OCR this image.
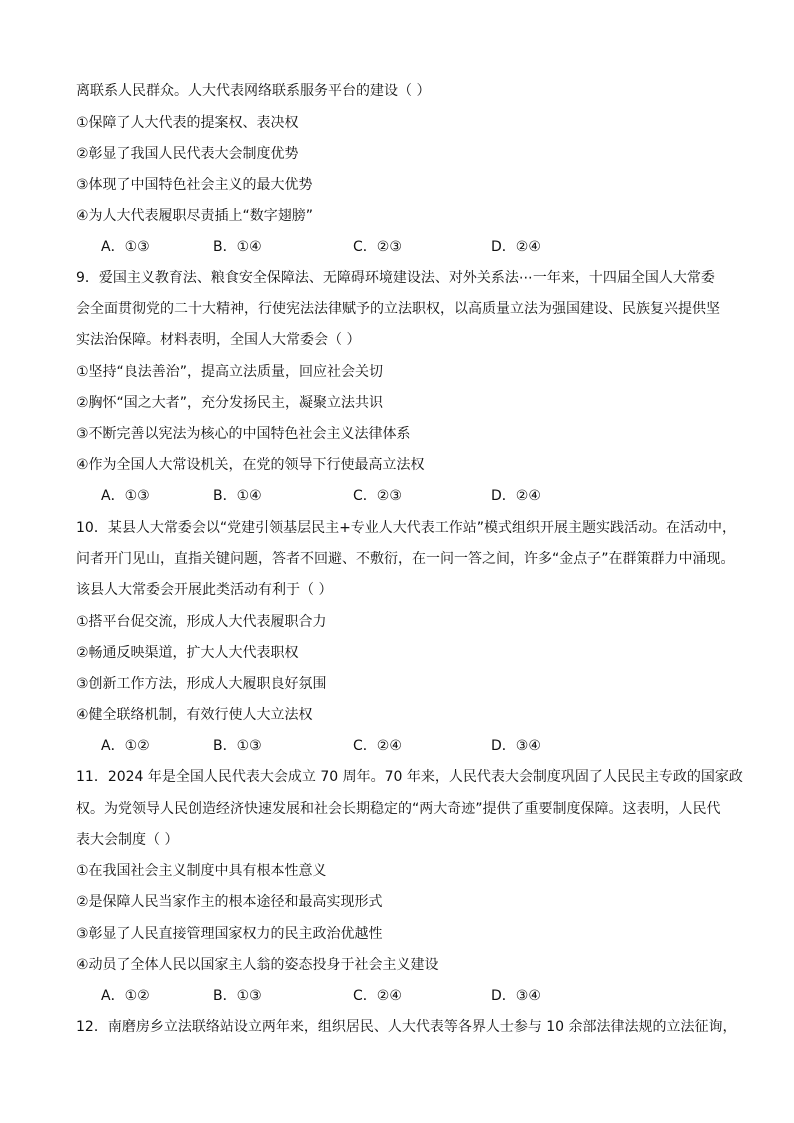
离联系人民群众。人大代表网络联系服务平台的建设（ ）
①保障了人大代表的提案权、表决权
②彰显了我国人民代表大会制度优势
③体现了中国特色社会主义的最大优势
④为人大代表履职尽责插上“数字翅膀”
A．①③	B．①④	C．②③	D．②④
9．爱国主义教育法、粮食安全保障法、无障碍环境建设法、对外关系法⋯一年来，十四届全国人大常委
会全面贯彻党的二十大精神，行使宪法法律赋予的立法职权，以高质量立法为强国建设、民族复兴提供坚
实法治保障。材料表明，全国人大常委会（ ）
①坚持“良法善治”，提高立法质量，回应社会关切
②胸怀“国之大者”，充分发扬民主，凝聚立法共识
③不断完善以宪法为核心的中国特色社会主义法律体系
④作为全国人大常设机关，在党的领导下行使最高立法权
A．①③	B．①④	C．②③	D．②④
10．某县人大常委会以“党建引领基层民主+专业人大代表工作站”模式组织开展主题实践活动。在活动中，
问者开门见山，直指关键问题，答者不回避、不敷衍，在一问一答之间，许多“金点子”在群策群力中涌现。
该县人大常委会开展此类活动有利于（ ）
①搭平台促交流，形成人大代表履职合力
②畅通反映渠道，扩大人大代表职权
③创新工作方法，形成人大履职良好氛围
④健全联络机制，有效行使人大立法权
A．①②	B．①③	C．②④	D．③④
11．2024 年是全国人民代表大会成立 70 周年。70 年来，人民代表大会制度巩固了人民民主专政的国家政
权。为党领导人民创造经济快速发展和社会长期稳定的“两大奇迹”提供了重要制度保障。这表明，人民代
表大会制度（ ）
①在我国社会主义制度中具有根本性意义
②是保障人民当家作主的根本途径和最高实现形式
③彰显了人民直接管理国家权力的民主政治优越性
④动员了全体人民以国家主人翁的姿态投身于社会主义建设
A．①②	B．①③	C．②④	D．③④
12．南磨房乡立法联络站设立两年来，组织居民、人大代表等各界人士参与 10 余部法律法规的立法征询，
